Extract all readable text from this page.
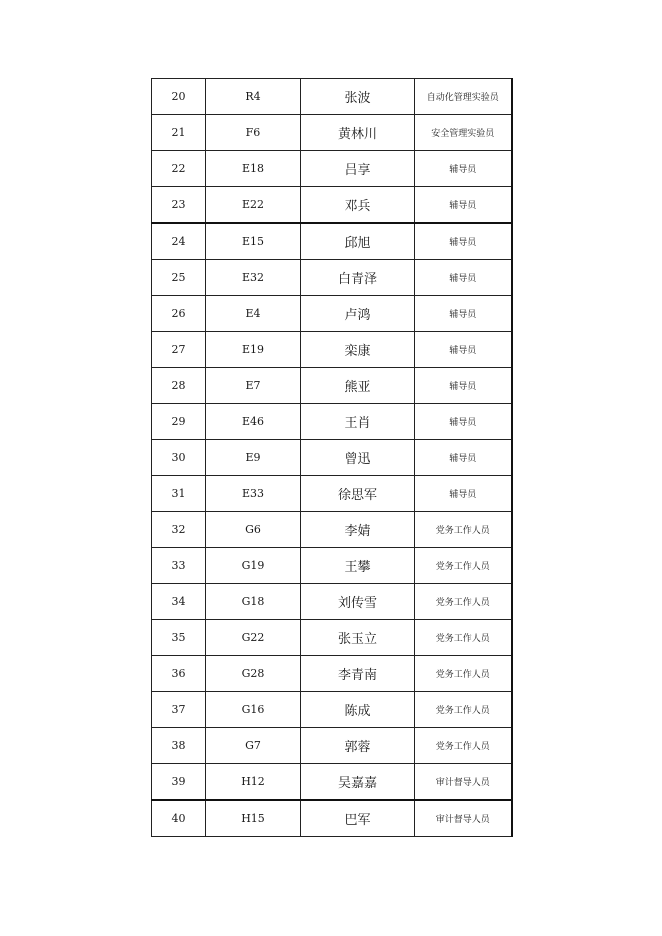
20	R4	张波	自动化管理实验员
21	F6	黄林川	安全管理实验员
22	E18	吕享	辅导员
23	E22	邓兵	辅导员
24	E15	邱旭	辅导员
25	E32	白青泽	辅导员
26	E4	卢鸿	辅导员
27	E19	栾康	辅导员
28	E7	熊亚	辅导员
29	E46	王肖	辅导员
30	E9	曾迅	辅导员
31	E33	徐思军	辅导员
32	G6	李婧	党务工作人员
33	G19	王攀	党务工作人员
34	G18	刘传雪	党务工作人员
35	G22	张玉立	党务工作人员
36	G28	李青南	党务工作人员
37	G16	陈成	党务工作人员
38	G7	郭蓉	党务工作人员
39	H12	吴嘉嘉	审计督导人员
40	H15	巴军	审计督导人员
